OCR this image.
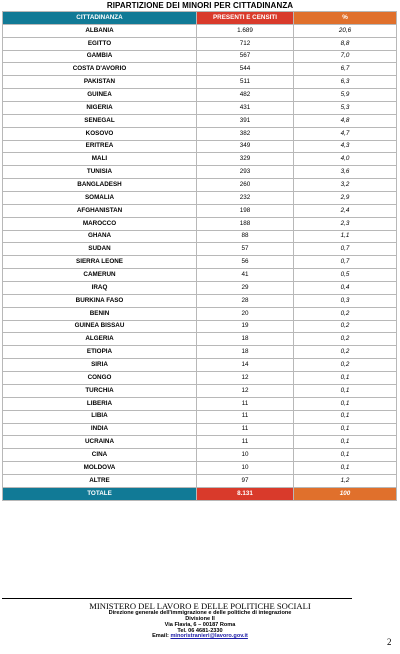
RIPARTIZIONE DEI MINORI PER CITTADINANZA
CITTADINANZA	PRESENTI E CENSITI	%
ALBANIA	1.689	20,6
EGITTO	712	8,8
GAMBIA	567	7,0
COSTA D'AVORIO	544	6,7
PAKISTAN	511	6,3
GUINEA	482	5,9
NIGERIA	431	5,3
SENEGAL	391	4,8
KOSOVO	382	4,7
ERITREA	349	4,3
MALI	329	4,0
TUNISIA	293	3,6
BANGLADESH	260	3,2
SOMALIA	232	2,9
AFGHANISTAN	198	2,4
MAROCCO	188	2,3
GHANA	88	1,1
SUDAN	57	0,7
SIERRA LEONE	56	0,7
CAMERUN	41	0,5
IRAQ	29	0,4
BURKINA FASO	28	0,3
BENIN	20	0,2
GUINEA BISSAU	19	0,2
ALGERIA	18	0,2
ETIOPIA	18	0,2
SIRIA	14	0,2
CONGO	12	0,1
TURCHIA	12	0,1
LIBERIA	11	0,1
LIBIA	11	0,1
INDIA	11	0,1
UCRAINA	11	0,1
CINA	10	0,1
MOLDOVA	10	0,1
ALTRE	97	1,2
TOTALE	8.131	100
MINISTERO DEL LAVORO E DELLE POLITICHE SOCIALI
Direzione generale dell'immigrazione e delle politiche di integrazione
Divisione II
Via Flavia, 6 – 00187 Roma
Tel. 06 4681-2330
Email: minoristranieri@lavoro.gov.it
2
